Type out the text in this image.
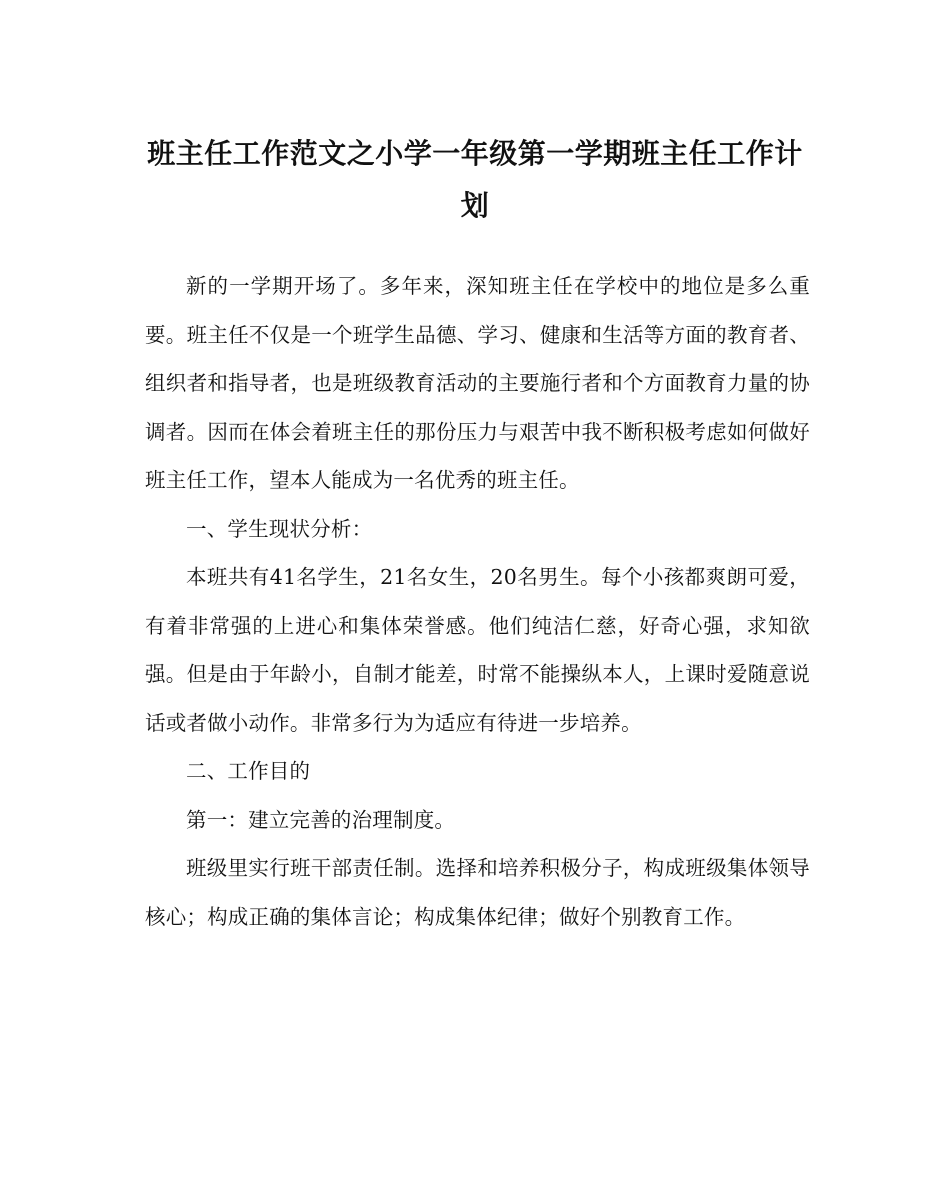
班主任工作范文之小学一年级第一学期班主任工作计划

新的一学期开场了。多年来，深知班主任在学校中的地位是多么重要。班主任不仅是一个班学生品德、学习、健康和生活等方面的教育者、组织者和指导者，也是班级教育活动的主要施行者和个方面教育力量的协调者。因而在体会着班主任的那份压力与艰苦中我不断积极考虑如何做好班主任工作，望本人能成为一名优秀的班主任。

一、学生现状分析：

本班共有41名学生，21名女生，20名男生。每个小孩都爽朗可爱，有着非常强的上进心和集体荣誉感。他们纯洁仁慈，好奇心强，求知欲强。但是由于年龄小，自制才能差，时常不能操纵本人，上课时爱随意说话或者做小动作。非常多行为为适应有待进一步培养。

二、工作目的

第一：建立完善的治理制度。

班级里实行班干部责任制。选择和培养积极分子，构成班级集体领导核心；构成正确的集体言论；构成集体纪律；做好个别教育工作。
